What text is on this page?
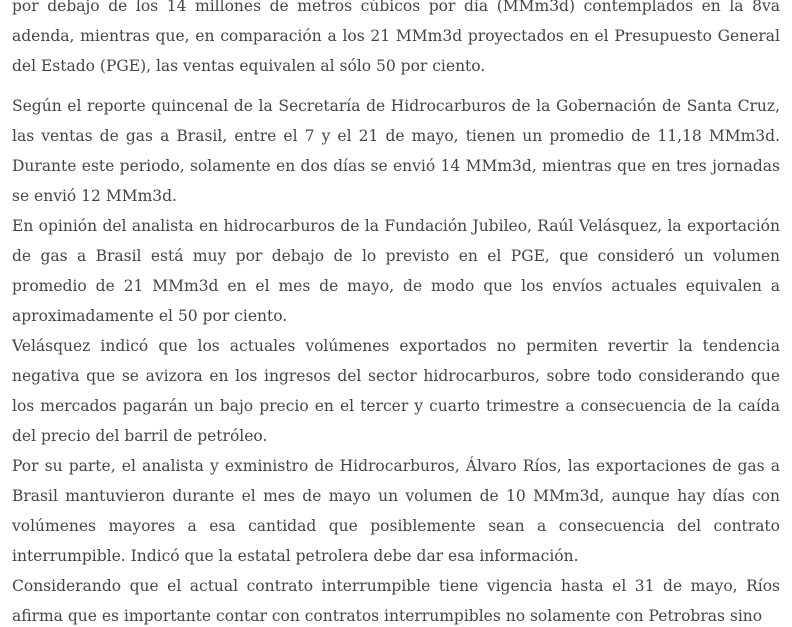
por debajo de los 14 millones de metros cúbicos por día (MMm3d) contemplados en la 8va adenda, mientras que, en comparación a los 21 MMm3d proyectados en el Presupuesto General del Estado (PGE), las ventas equivalen al sólo 50 por ciento.

Según el reporte quincenal de la Secretaría de Hidrocarburos de la Gobernación de Santa Cruz, las ventas de gas a Brasil, entre el 7 y el 21 de mayo, tienen un promedio de 11,18 MMm3d. Durante este periodo, solamente en dos días se envió 14 MMm3d, mientras que en tres jornadas se envió 12 MMm3d.

En opinión del analista en hidrocarburos de la Fundación Jubileo, Raúl Velásquez, la exportación de gas a Brasil está muy por debajo de lo previsto en el PGE, que consideró un volumen promedio de 21 MMm3d en el mes de mayo, de modo que los envíos actuales equivalen a aproximadamente el 50 por ciento.

Velásquez indicó que los actuales volúmenes exportados no permiten revertir la tendencia negativa que se avizora en los ingresos del sector hidrocarburos, sobre todo considerando que los mercados pagarán un bajo precio en el tercer y cuarto trimestre a consecuencia de la caída del precio del barril de petróleo.

Por su parte, el analista y exministro de Hidrocarburos, Álvaro Ríos, las exportaciones de gas a Brasil mantuvieron durante el mes de mayo un volumen de 10 MMm3d, aunque hay días con volúmenes mayores a esa cantidad que posiblemente sean a consecuencia del contrato interrumpible. Indicó que la estatal petrolera debe dar esa información.

Considerando que el actual contrato interrumpible tiene vigencia hasta el 31 de mayo, Ríos afirma que es importante contar con contratos interrumpibles no solamente con Petrobras sino
